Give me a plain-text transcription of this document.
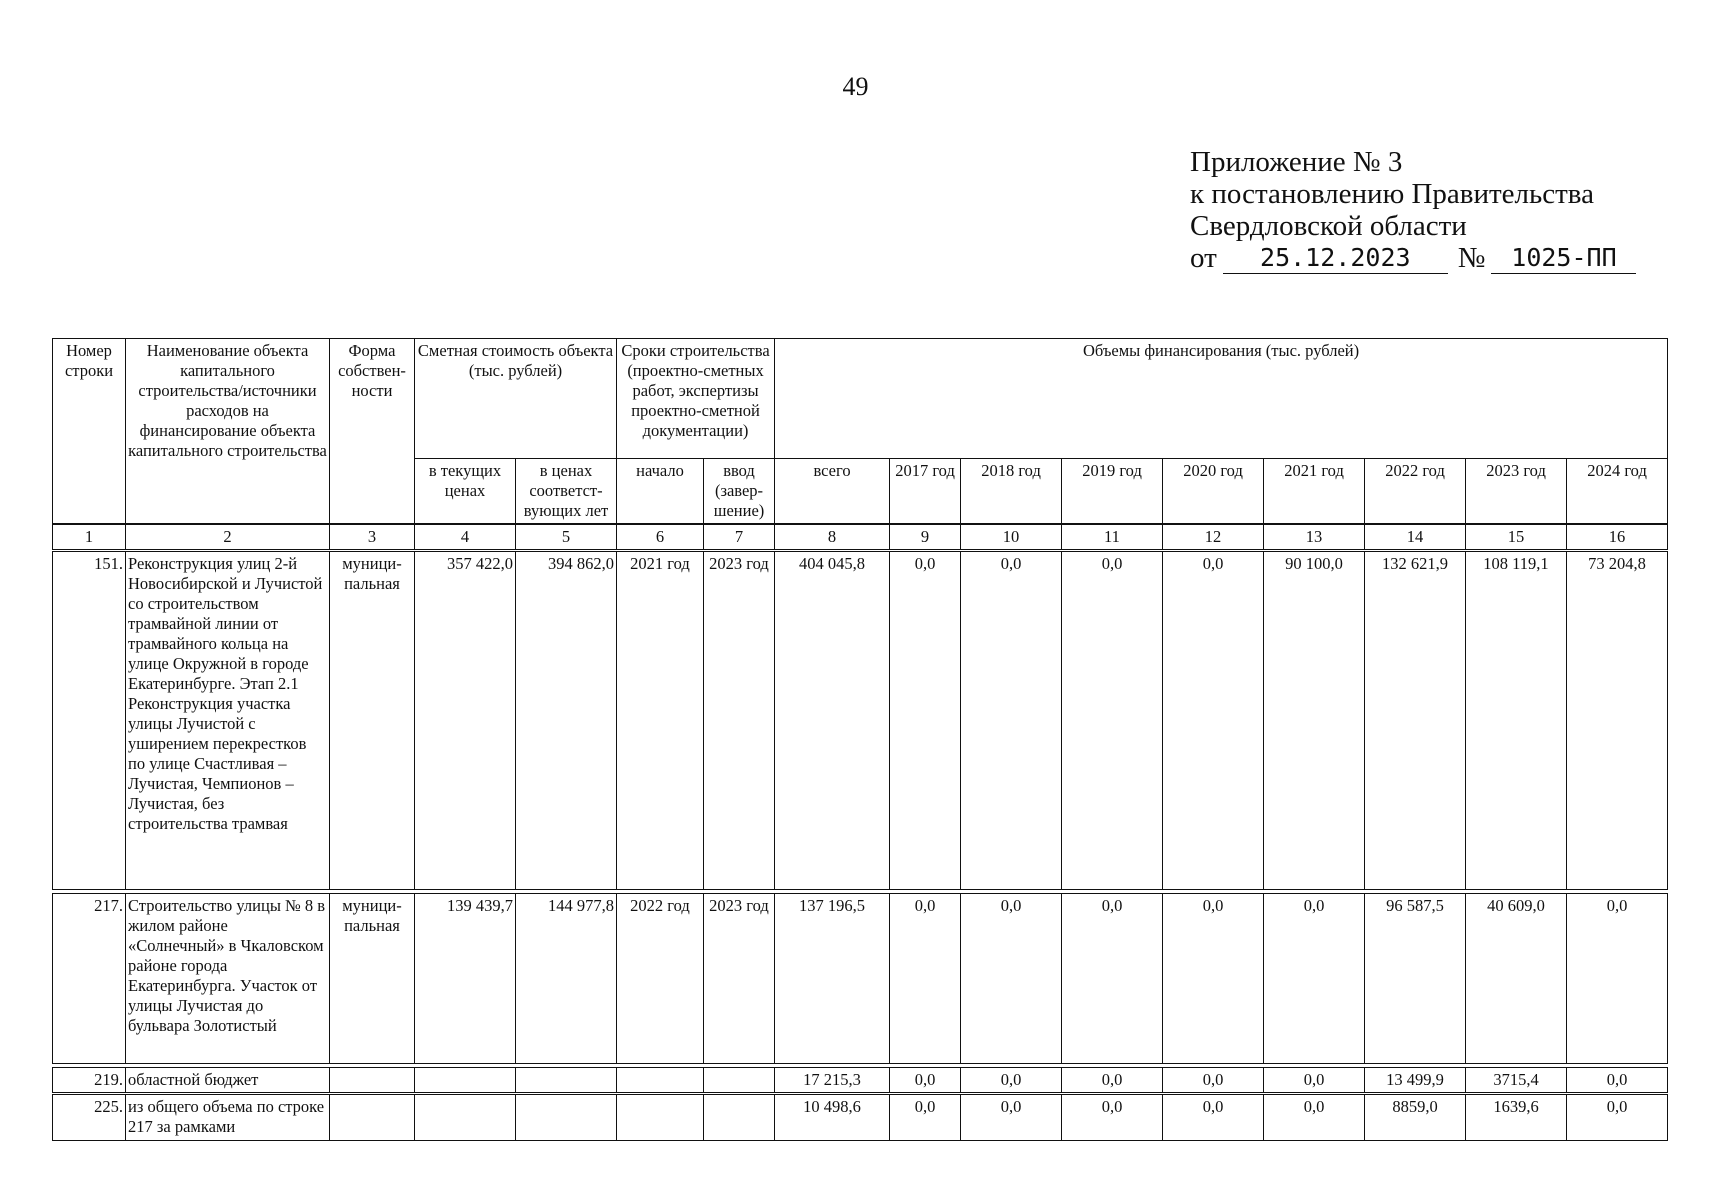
49
Приложение № 3
к постановлению Правительства
Свердловской области
от	25.12.2023	№	1025-ПП
Номер строки	Наименование объекта капитального строительства/источники расходов на финансирование объекта капитального строительства	Форма собствен-ности	Сметная стоимость объекта (тыс. рублей)		Сроки строительства (проектно-сметных работ, экспертизы проектно-сметной документации)		Объемы финансирования (тыс. рублей)								
			в текущих ценах	в ценах соответст-вующих лет	начало	ввод (завер-шение)	всего	2017 год	2018 год	2019 год	2020 год	2021 год	2022 год	2023 год	2024 год
1	2	3	4	5	6	7	8	9	10	11	12	13	14	15	16
151.	Реконструкция улиц 2-й Новосибирской и Лучистой со строительством трамвайной линии от трамвайного кольца на улице Окружной в городе Екатеринбурге. Этап 2.1 Реконструкция участка улицы Лучистой с уширением перекрестков по улице Счастливая – Лучистая, Чемпионов – Лучистая, без строительства трамвая	муници-пальная	357 422,0	394 862,0	2021 год	2023 год	404 045,8	0,0	0,0	0,0	0,0	90 100,0	132 621,9	108 119,1	73 204,8
217.	Строительство улицы № 8 в жилом районе «Солнечный» в Чкаловском районе города Екатеринбурга. Участок от улицы Лучистая до бульвара Золотистый	муници-пальная	139 439,7	144 977,8	2022 год	2023 год	137 196,5	0,0	0,0	0,0	0,0	0,0	96 587,5	40 609,0	0,0
219.	областной бюджет						17 215,3	0,0	0,0	0,0	0,0	0,0	13 499,9	3715,4	0,0
225.	из общего объема по строке 217 за рамками						10 498,6	0,0	0,0	0,0	0,0	0,0	8859,0	1639,6	0,0
